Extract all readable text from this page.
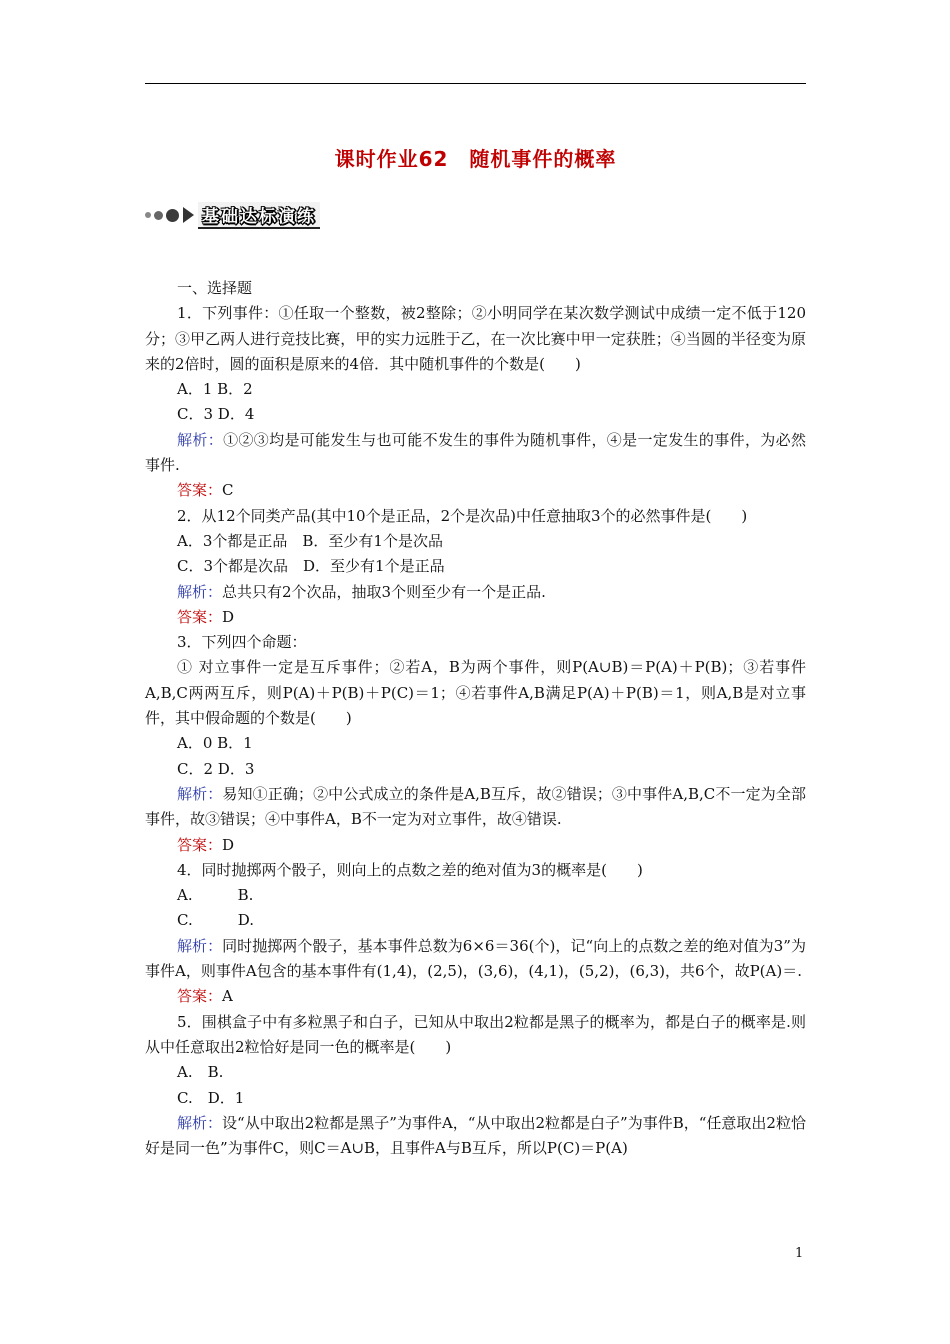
课时作业62　随机事件的概率
基础达标演练

一、选择题

1．下列事件：①任取一个整数，被2整除；②小明同学在某次数学测试中成绩一定不低于120分；③甲乙两人进行竞技比赛，甲的实力远胜于乙，在一次比赛中甲一定获胜；④当圆的半径变为原来的2倍时，圆的面积是原来的4倍．其中随机事件的个数是(　　)

A．1 B．2

C．3 D．4

解析：①②③均是可能发生与也可能不发生的事件为随机事件，④是一定发生的事件，为必然事件.

答案：C

2．从12个同类产品(其中10个是正品，2个是次品)中任意抽取3个的必然事件是(　　)

A．3个都是正品　B．至少有1个是次品

C．3个都是次品　D．至少有1个是正品

解析：总共只有2个次品，抽取3个则至少有一个是正品.

答案：D

3．下列四个命题：

① 对立事件一定是互斥事件；②若A，B为两个事件，则P(A∪B)＝P(A)＋P(B)；③若事件A,B,C两两互斥，则P(A)＋P(B)＋P(C)＝1；④若事件A,B满足P(A)＋P(B)＝1，则A,B是对立事件，其中假命题的个数是(　　)

A．0 B．1

C．2 D．3

解析：易知①正确；②中公式成立的条件是A,B互斥，故②错误；③中事件A,B,C不一定为全部事件，故③错误；④中事件A，B不一定为对立事件，故④错误.

答案：D

4．同时抛掷两个骰子，则向上的点数之差的绝对值为3的概率是(　　)

A.　　　B.

C.　　　D.

解析：同时抛掷两个骰子，基本事件总数为6×6＝36(个)，记“向上的点数之差的绝对值为3”为事件A，则事件A包含的基本事件有(1,4)，(2,5)，(3,6)，(4,1)，(5,2)，(6,3)，共6个，故P(A)＝.

答案：A

5．围棋盒子中有多粒黑子和白子，已知从中取出2粒都是黑子的概率为，都是白子的概率是.则从中任意取出2粒恰好是同一色的概率是(　　)

A.　B.

C.　D．1

解析：设“从中取出2粒都是黑子”为事件A，“从中取出2粒都是白子”为事件B，“任意取出2粒恰好是同一色”为事件C，则C＝A∪B，且事件A与B互斥，所以P(C)＝P(A)

1
